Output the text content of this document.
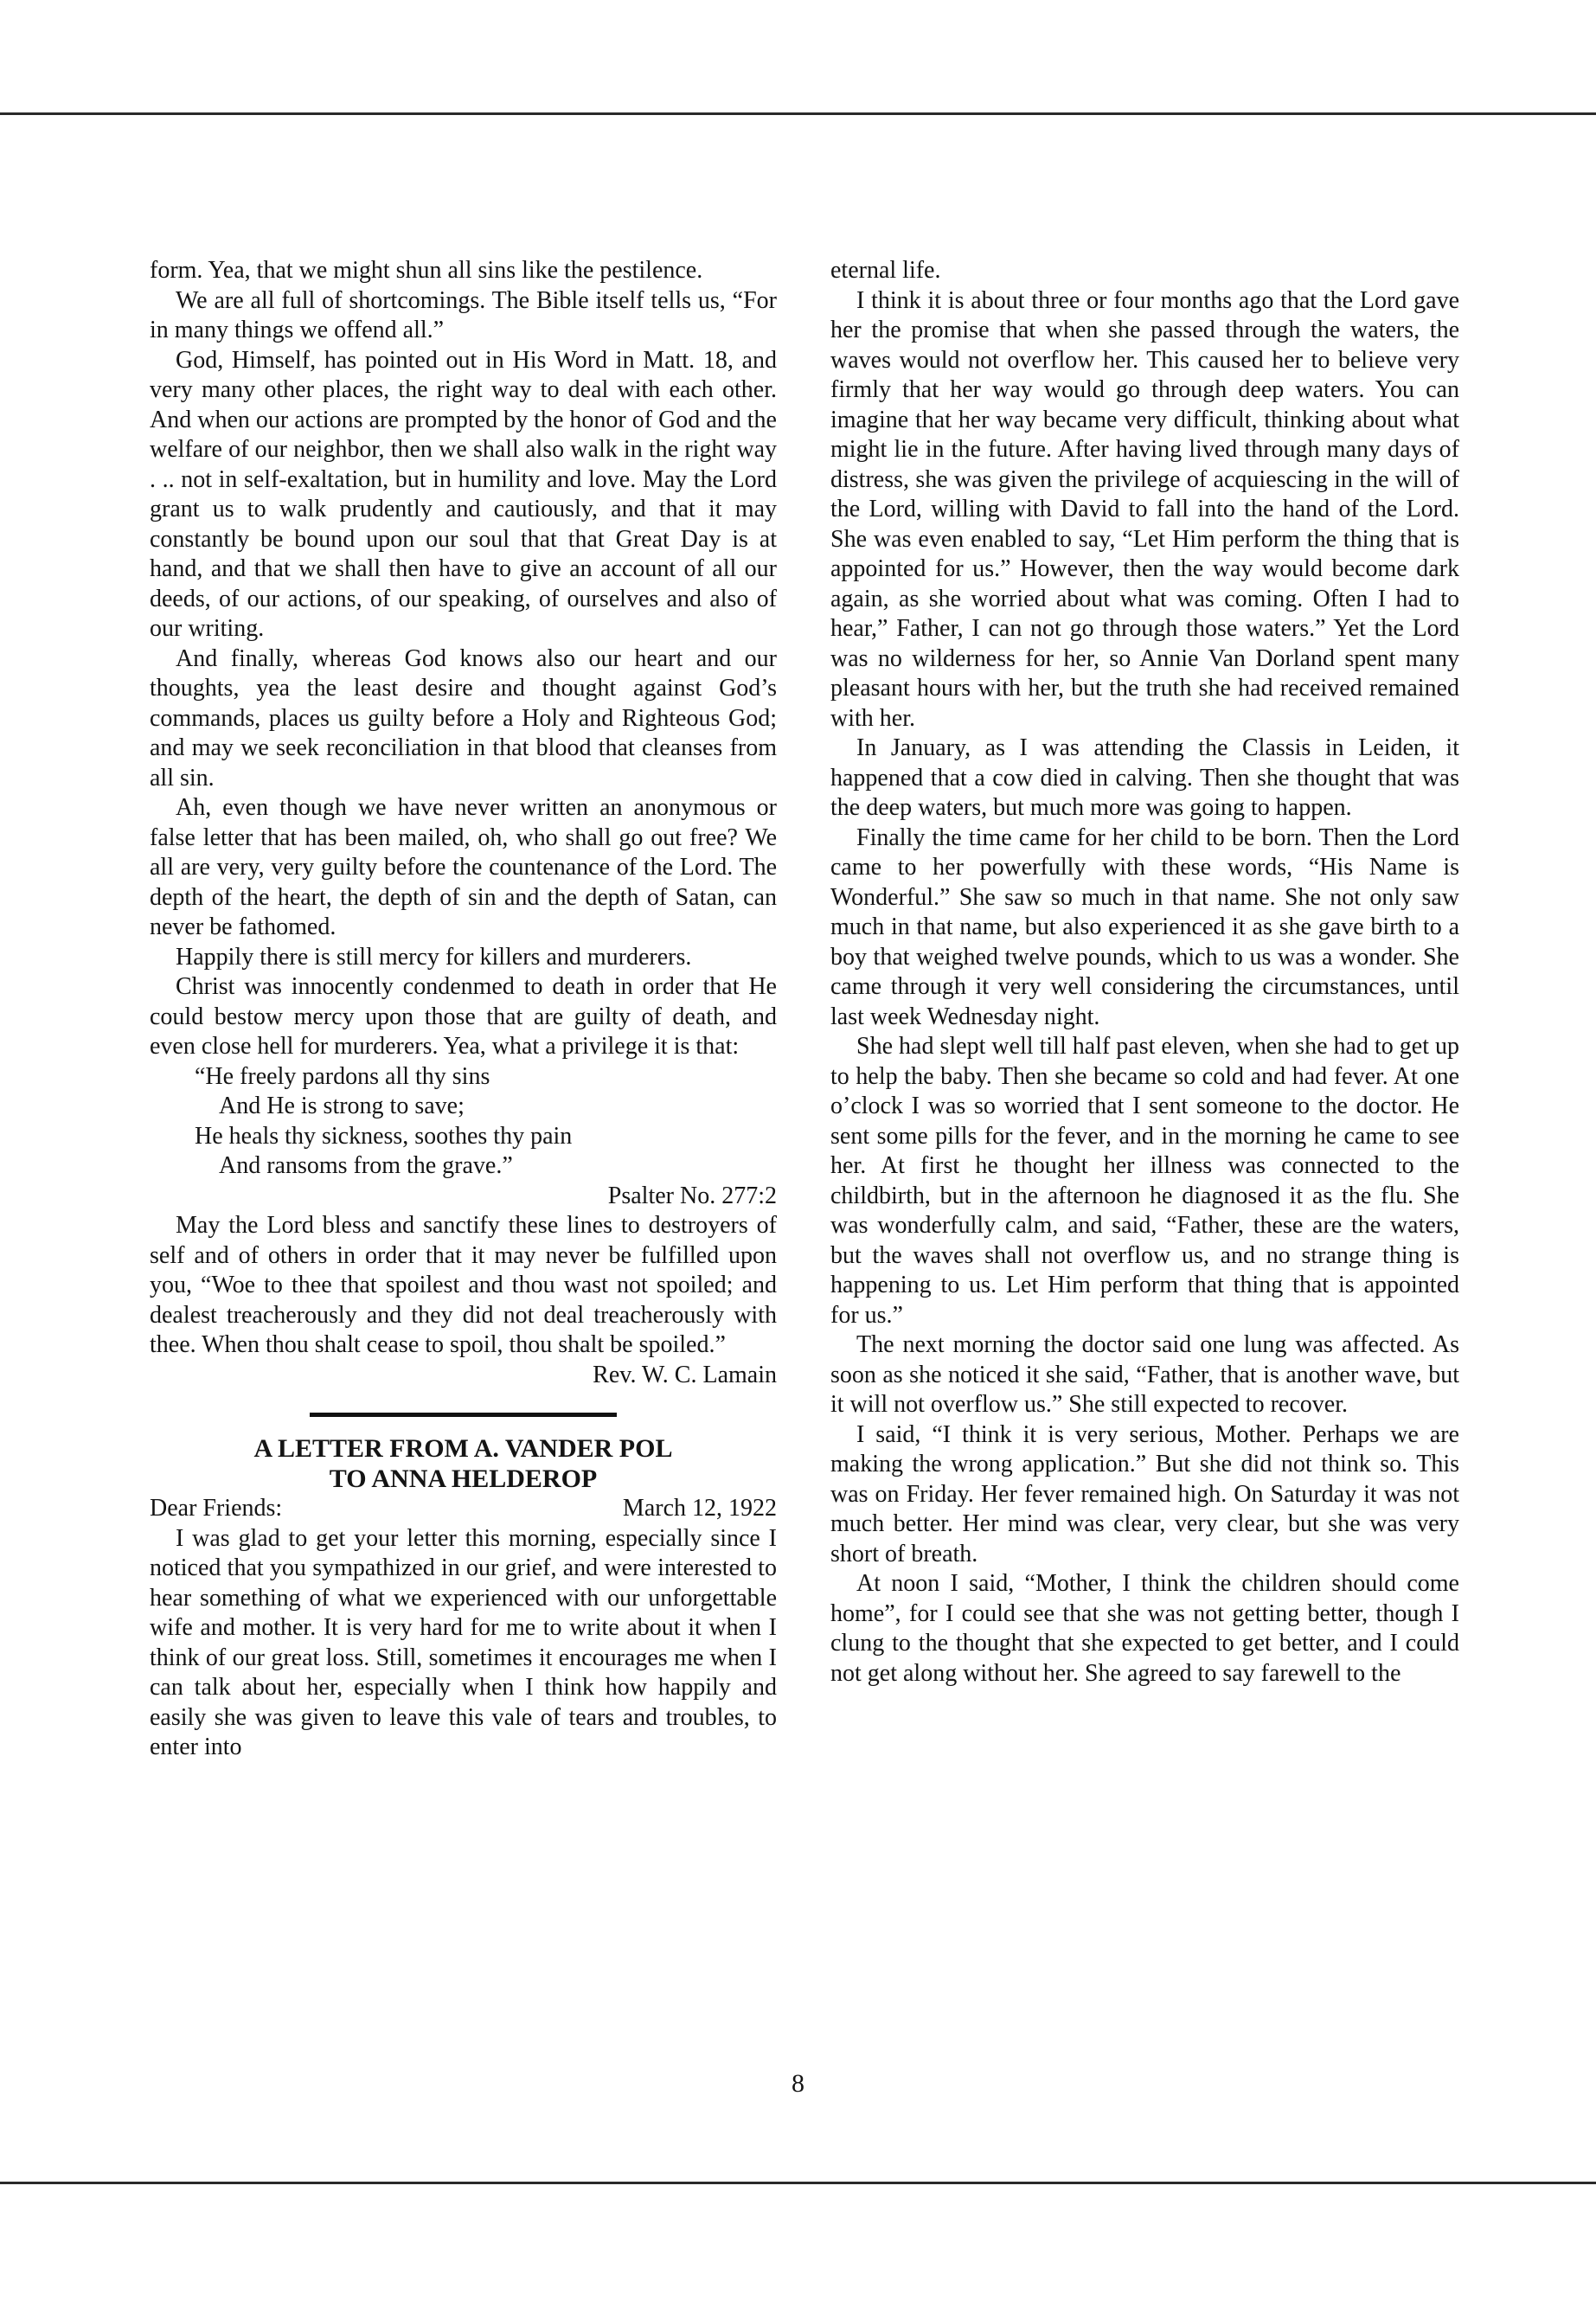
form. Yea, that we might shun all sins like the pestilence.

We are all full of shortcomings. The Bible itself tells us, “For in many things we offend all.”

God, Himself, has pointed out in His Word in Matt. 18, and very many other places, the right way to deal with each other. And when our actions are prompted by the honor of God and the welfare of our neighbor, then we shall also walk in the right way . .. not in self-exaltation, but in humility and love. May the Lord grant us to walk prudently and cautiously, and that it may constantly be bound upon our soul that that Great Day is at hand, and that we shall then have to give an account of all our deeds, of our actions, of our speaking, of ourselves and also of our writing.

And finally, whereas God knows also our heart and our thoughts, yea the least desire and thought against God’s commands, places us guilty before a Holy and Righteous God; and may we seek reconciliation in that blood that cleanses from all sin.

Ah, even though we have never written an anonymous or false letter that has been mailed, oh, who shall go out free? We all are very, very guilty before the countenance of the Lord. The depth of the heart, the depth of sin and the depth of Satan, can never be fathomed.

Happily there is still mercy for killers and murderers.

Christ was innocently condenmed to death in order that He could bestow mercy upon those that are guilty of death, and even close hell for murderers. Yea, what a privilege it is that:

“He freely pardons all thy sins
And He is strong to save;
He heals thy sickness, soothes thy pain
And ransoms from the grave.”

Psalter No. 277:2

May the Lord bless and sanctify these lines to destroyers of self and of others in order that it may never be fulfilled upon you, “Woe to thee that spoilest and thou wast not spoiled; and dealest treacherously and they did not deal treacherously with thee. When thou shalt cease to spoil, thou shalt be spoiled.”

Rev. W. C. Lamain

A LETTER FROM A. VANDER POL
TO ANNA HELDEROP
Dear Friends:	March 12, 1922

I was glad to get your letter this morning, especially since I noticed that you sympathized in our grief, and were interested to hear something of what we experienced with our unforgettable wife and mother. It is very hard for me to write about it when I think of our great loss. Still, sometimes it encourages me when I can talk about her, especially when I think how happily and easily she was given to leave this vale of tears and troubles, to enter into

eternal life.

I think it is about three or four months ago that the Lord gave her the promise that when she passed through the waters, the waves would not overflow her. This caused her to believe very firmly that her way would go through deep waters. You can imagine that her way became very difficult, thinking about what might lie in the future. After having lived through many days of distress, she was given the privilege of acquiescing in the will of the Lord, willing with David to fall into the hand of the Lord. She was even enabled to say, “Let Him perform the thing that is appointed for us.” However, then the way would become dark again, as she worried about what was coming. Often I had to hear,” Father, I can not go through those waters.” Yet the Lord was no wilderness for her, so Annie Van Dorland spent many pleasant hours with her, but the truth she had received remained with her.

In January, as I was attending the Classis in Leiden, it happened that a cow died in calving. Then she thought that was the deep waters, but much more was going to happen.

Finally the time came for her child to be born. Then the Lord came to her powerfully with these words, “His Name is Wonderful.” She saw so much in that name. She not only saw much in that name, but also experienced it as she gave birth to a boy that weighed twelve pounds, which to us was a wonder. She came through it very well considering the circumstances, until last week Wednesday night.

She had slept well till half past eleven, when she had to get up to help the baby. Then she became so cold and had fever. At one o’clock I was so worried that I sent someone to the doctor. He sent some pills for the fever, and in the morning he came to see her. At first he thought her illness was connected to the childbirth, but in the afternoon he diagnosed it as the flu. She was wonderfully calm, and said, “Father, these are the waters, but the waves shall not overflow us, and no strange thing is happening to us. Let Him perform that thing that is appointed for us.”

The next morning the doctor said one lung was affected. As soon as she noticed it she said, “Father, that is another wave, but it will not overflow us.” She still expected to recover.

I said, “I think it is very serious, Mother. Perhaps we are making the wrong application.” But she did not think so. This was on Friday. Her fever remained high. On Saturday it was not much better. Her mind was clear, very clear, but she was very short of breath.

At noon I said, “Mother, I think the children should come home”, for I could see that she was not getting better, though I clung to the thought that she expected to get better, and I could not get along without her. She agreed to say farewell to the

8
